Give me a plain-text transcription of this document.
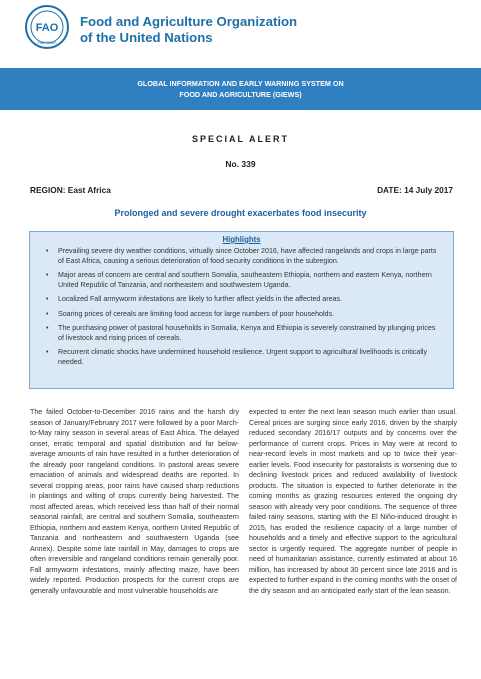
FAO
FIAT PANIS
Food and Agriculture Organization
of the United Nations
GLOBAL INFORMATION AND EARLY WARNING SYSTEM ON
FOOD AND AGRICULTURE (GIEWS)
SPECIAL ALERT
No. 339
REGION: East Africa	DATE: 14 July 2017
Prolonged and severe drought exacerbates food insecurity
Highlights
• Prevailing severe dry weather conditions, virtually since October 2016, have affected rangelands and crops in large parts of East Africa, causing a serious deterioration of food security conditions in the subregion.
• Major areas of concern are central and southern Somalia, southeastern Ethiopia, northern and eastern Kenya, northern United Republic of Tanzania, and northeastern and southwestern Uganda.
• Localized Fall armyworm infestations are likely to further affect yields in the affected areas.
• Soaring prices of cereals are limiting food access for large numbers of poor households.
• The purchasing power of pastoral households in Somalia, Kenya and Ethiopia is severely constrained by plunging prices of livestock and rising prices of cereals.
• Recurrent climatic shocks have undermined household resilience. Urgent support to agricultural livelihoods is critically needed.
The failed October-to-December 2016 rains and the harsh dry season of January/February 2017 were followed by a poor March-to-May rainy season in several areas of East Africa. The delayed onset, erratic temporal and spatial distribution and far below-average amounts of rain have resulted in a further deterioration of the already poor rangeland conditions. In pastoral areas severe emaciation of animals and widespread deaths are reported. In several cropping areas, poor rains have caused sharp reductions in plantings and wilting of crops currently being harvested. The most affected areas, which received less than half of their normal seasonal rainfall, are central and southern Somalia, southeastern Ethiopia, northern and eastern Kenya, northern United Republic of Tanzania and northeastern and southwestern Uganda (see Annex). Despite some late rainfall in May, damages to crops are often irreversible and rangeland conditions remain generally poor. Fall armyworm infestations, mainly affecting maize, have been widely reported. Production prospects for the current crops are generally unfavourable and most vulnerable households are
expected to enter the next lean season much earlier than usual. Cereal prices are surging since early 2016, driven by the sharply reduced secondary 2016/17 outputs and by concerns over the performance of current crops. Prices in May were at record to near-record levels in most markets and up to twice their year-earlier levels. Food insecurity for pastoralists is worsening due to declining livestock prices and reduced availability of livestock products. The situation is expected to further deteriorate in the coming months as grazing resources entered the ongoing dry season with already very poor conditions. The sequence of three failed rainy seasons, starting with the El Niño-induced drought in 2015, has eroded the resilience capacity of a large number of households and a timely and effective support to the agricultural sector is urgently required. The aggregate number of people in need of humanitarian assistance, currently estimated at about 16 million, has increased by about 30 percent since late 2016 and is expected to further expand in the coming months with the onset of the dry season and an anticipated early start of the lean season.
